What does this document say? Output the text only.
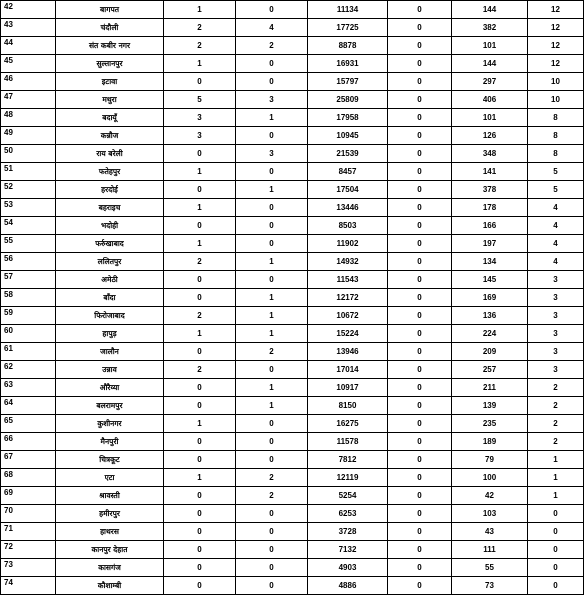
42	बागपत	1	0	11134	0	144	12
43	चंदौली	2	4	17725	0	382	12
44	संत कबीर नगर	2	2	8878	0	101	12
45	सुल्तानपुर	1	0	16931	0	144	12
46	इटावा	0	0	15797	0	297	10
47	मथुरा	5	3	25809	0	406	10
48	बदायूँ	3	1	17958	0	101	8
49	कन्नौज	3	0	10945	0	126	8
50	राय बरेली	0	3	21539	0	348	8
51	फतेहपुर	1	0	8457	0	141	5
52	हरदोई	0	1	17504	0	378	5
53	बहराइच	1	0	13446	0	178	4
54	भदोही	0	0	8503	0	166	4
55	फर्रुखाबाद	1	0	11902	0	197	4
56	ललितपुर	2	1	14932	0	134	4
57	अमेठी	0	0	11543	0	145	3
58	बाँदा	0	1	12172	0	169	3
59	फिरोजाबाद	2	1	10672	0	136	3
60	हापुड़	1	1	15224	0	224	3
61	जालौन	0	2	13946	0	209	3
62	उन्नाव	2	0	17014	0	257	3
63	औरैय्या	0	1	10917	0	211	2
64	बलरामपुर	0	1	8150	0	139	2
65	कुशीनगर	1	0	16275	0	235	2
66	मैनपुरी	0	0	11578	0	189	2
67	चित्रकूट	0	0	7812	0	79	1
68	एटा	1	2	12119	0	100	1
69	श्रावस्ती	0	2	5254	0	42	1
70	हमीरपुर	0	0	6253	0	103	0
71	हाथरस	0	0	3728	0	43	0
72	कानपुर देहात	0	0	7132	0	111	0
73	कासगंज	0	0	4903	0	55	0
74	कौशाम्बी	0	0	4886	0	73	0
